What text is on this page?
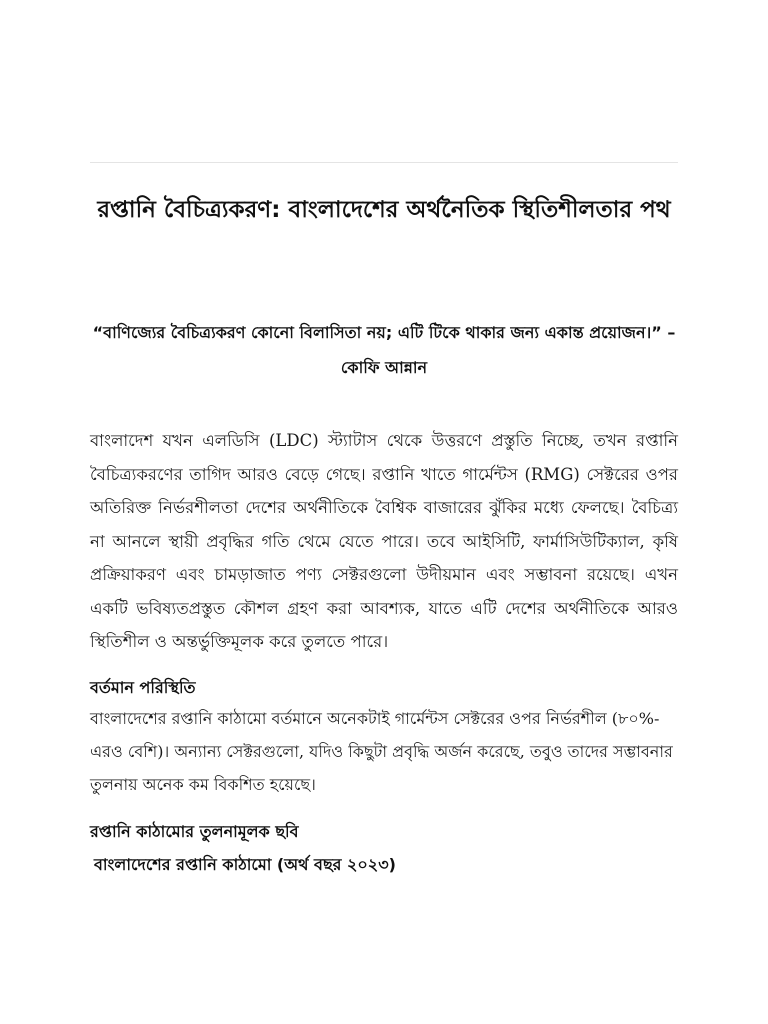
রপ্তানি বৈচিত্র্যকরণ: বাংলাদেশের অর্থনৈতিক স্থিতিশীলতার পথ

“বাণিজ্যের বৈচিত্র্যকরণ কোনো বিলাসিতা নয়; এটি টিকে থাকার জন্য একান্ত প্রয়োজন।” – কোফি আন্নান

বাংলাদেশ যখন এলডিসি (LDC) স্ট্যাটাস থেকে উত্তরণে প্রস্তুতি নিচ্ছে, তখন রপ্তানি বৈচিত্র্যকরণের তাগিদ আরও বেড়ে গেছে। রপ্তানি খাতে গার্মেন্টস (RMG) সেক্টরের ওপর অতিরিক্ত নির্ভরশীলতা দেশের অর্থনীতিকে বৈশ্বিক বাজারের ঝুঁকির মধ্যে ফেলছে। বৈচিত্র্য না আনলে স্থায়ী প্রবৃদ্ধির গতি থেমে যেতে পারে। তবে আইসিটি, ফার্মাসিউটিক্যাল, কৃষি প্রক্রিয়াকরণ এবং চামড়াজাত পণ্য সেক্টরগুলো উদীয়মান এবং সম্ভাবনা রয়েছে। এখন একটি ভবিষ্যতপ্রস্তুত কৌশল গ্রহণ করা আবশ্যক, যাতে এটি দেশের অর্থনীতিকে আরও স্থিতিশীল ও অন্তর্ভুক্তিমূলক করে তুলতে পারে।

বর্তমান পরিস্থিতি

বাংলাদেশের রপ্তানি কাঠামো বর্তমানে অনেকটাই গার্মেন্টস সেক্টরের ওপর নির্ভরশীল (৮০%-এরও বেশি)। অন্যান্য সেক্টরগুলো, যদিও কিছুটা প্রবৃদ্ধি অর্জন করেছে, তবুও তাদের সম্ভাবনার তুলনায় অনেক কম বিকশিত হয়েছে।

রপ্তানি কাঠামোর তুলনামূলক ছবি

বাংলাদেশের রপ্তানি কাঠামো (অর্থ বছর ২০২৩)
